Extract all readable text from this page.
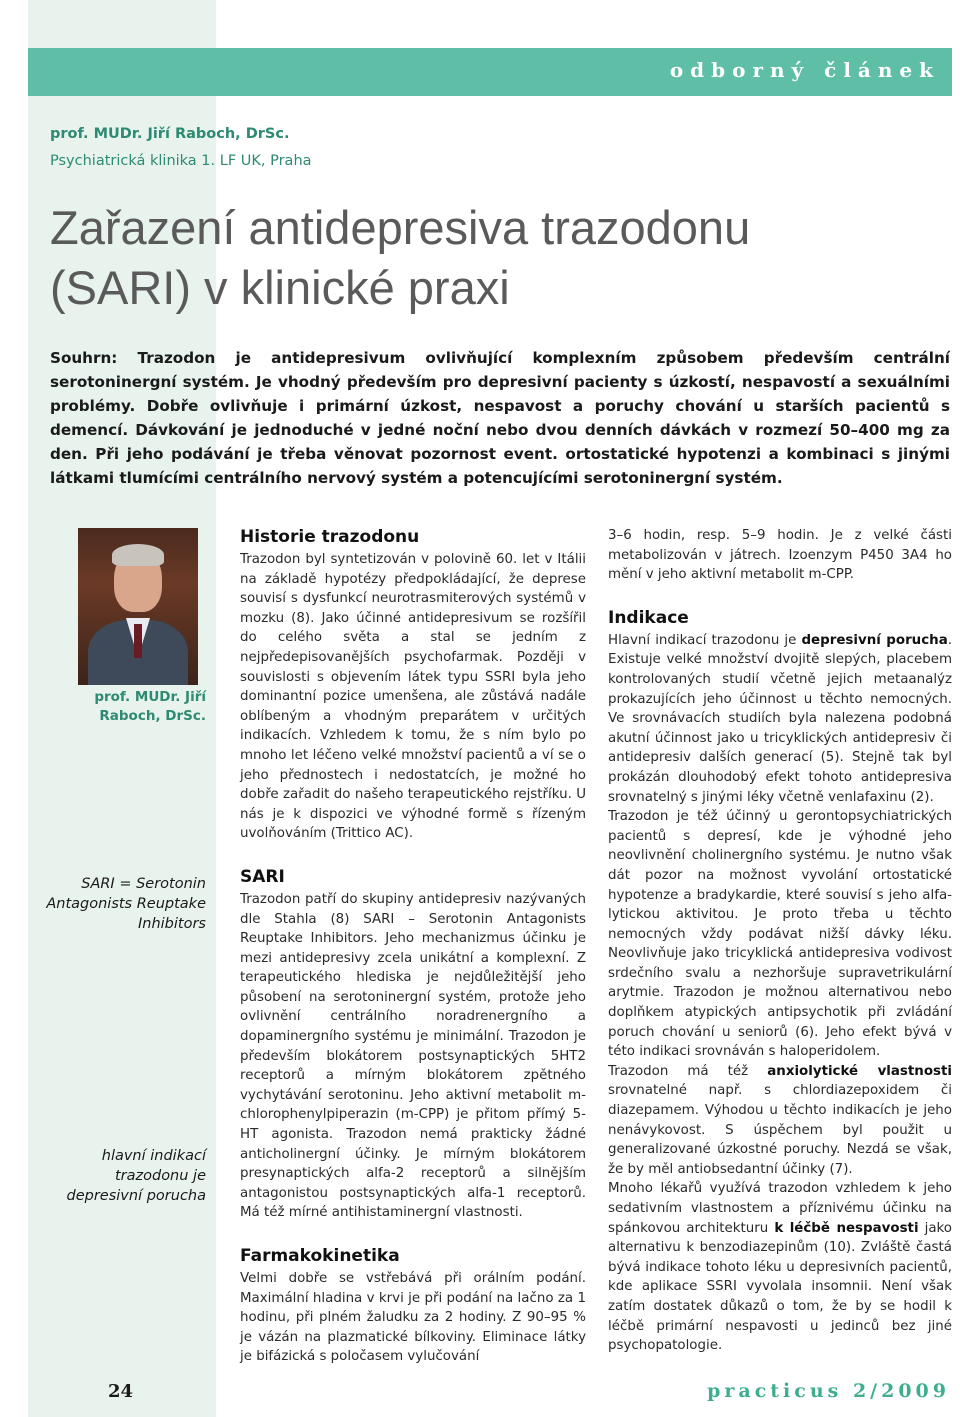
odborný článek
prof. MUDr. Jiří Raboch, DrSc.
Psychiatrická klinika 1. LF UK, Praha
Zařazení antidepresiva trazodonu
(SARI) v klinické praxi
Souhrn: Trazodon je antidepresivum ovlivňující komplexním způsobem především centrální serotoninergní systém. Je vhodný především pro depresivní pacienty s úzkostí, nespavostí a sexuálními problémy. Dobře ovlivňuje i primární úzkost, nespavost a poruchy chování u starších pacientů s demencí. Dávkování je jednoduché v jedné noční nebo dvou denních dávkách v rozmezí 50–400 mg za den. Při jeho podávání je třeba věnovat pozornost event. ortostatické hypotenzi a kombinaci s jinými látkami tlumícími centrálního nervový systém a potencujícími serotoninergní systém.
prof. MUDr. Jiří
Raboch, DrSc.
SARI = Serotonin Antagonists Reuptake Inhibitors
hlavní indikací trazodonu je depresivní porucha
Historie trazodonu

Trazodon byl syntetizován v polovině 60. let v Itálii na základě hypotézy předpokládající, že deprese souvisí s dysfunkcí neurotrasmiterových systémů v mozku (8). Jako účinné antidepresivum se rozšířil do celého světa a stal se jedním z nejpředepisovanějších psychofarmak. Později v souvislosti s objevením látek typu SSRI byla jeho dominantní pozice umenšena, ale zůstává nadále oblíbeným a vhodným preparátem v určitých indikacích. Vzhledem k tomu, že s ním bylo po mnoho let léčeno velké množství pacientů a ví se o jeho přednostech i nedostatcích, je možné ho dobře zařadit do našeho terapeutického rejstříku. U nás je k dispozici ve výhodné formě s řízeným uvolňováním (Trittico AC).

SARI

Trazodon patří do skupiny antidepresiv nazývaných dle Stahla (8) SARI – Serotonin Antagonists Reuptake Inhibitors. Jeho mechanizmus účinku je mezi antidepresivy zcela unikátní a komplexní. Z terapeutického hlediska je nejdůležitější jeho působení na serotoninergní systém, protože jeho ovlivnění centrálního noradrenergního a dopaminergního systému je minimální. Trazodon je především blokátorem postsynaptických 5HT2 receptorů a mírným blokátorem zpětného vychytávání serotoninu. Jeho aktivní metabolit m-chlorophenylpiperazin (m-CPP) je přitom přímý 5-HT agonista. Trazodon nemá prakticky žádné anticholinergní účinky. Je mírným blokátorem presynaptických alfa-2 receptorů a silnějším antagonistou postsynaptických alfa-1 receptorů. Má též mírné antihistaminergní vlastnosti.

Farmakokinetika

Velmi dobře se vstřebává při orálním podání. Maximální hladina v krvi je při podání na lačno za 1 hodinu, při plném žaludku za 2 hodiny. Z 90–95 % je vázán na plazmatické bílkoviny. Eliminace látky je bifázická s poločasem vylučování

3–6 hodin, resp. 5–9 hodin. Je z velké části metabolizován v játrech. Izoenzym P450 3A4 ho mění v jeho aktivní metabolit m-CPP.

Indikace

Hlavní indikací trazodonu je depresivní porucha. Existuje velké množství dvojitě slepých, placebem kontrolovaných studií včetně jejich metaanalýz prokazujících jeho účinnost u těchto nemocných. Ve srovnávacích studiích byla nalezena podobná akutní účinnost jako u tricyklických antidepresiv či antidepresiv dalších generací (5). Stejně tak byl prokázán dlouhodobý efekt tohoto antidepresiva srovnatelný s jinými léky včetně venlafaxinu (2).

Trazodon je též účinný u gerontopsychiatrických pacientů s depresí, kde je výhodné jeho neovlivnění cholinergního systému. Je nutno však dát pozor na možnost vyvolání ortostatické hypotenze a bradykardie, které souvisí s jeho alfa-lytickou aktivitou. Je proto třeba u těchto nemocných vždy podávat nižší dávky léku. Neovlivňuje jako tricyklická antidepresiva vodivost srdečního svalu a nezhoršuje supravetrikulární arytmie. Trazodon je možnou alternativou nebo doplňkem atypických antipsychotik při zvládání poruch chování u seniorů (6). Jeho efekt bývá v této indikaci srovnáván s haloperidolem.

Trazodon má též anxiolytické vlastnosti srovnatelné např. s chlordiazepoxidem či diazepamem. Výhodou u těchto indikacích je jeho nenávykovost. S úspěchem byl použit u generalizované úzkostné poruchy. Nezdá se však, že by měl antiobsedantní účinky (7).

Mnoho lékařů využívá trazodon vzhledem k jeho sedativním vlastnostem a příznivému účinku na spánkovou architekturu k léčbě nespavosti jako alternativu k benzodiazepinům (10). Zvláště častá bývá indikace tohoto léku u depresivních pacientů, kde aplikace SSRI vyvolala insomnii. Není však zatím dostatek důkazů o tom, že by se hodil k léčbě primární nespavosti u jedinců bez jiné psychopatologie.

24	practicus 2/2009
